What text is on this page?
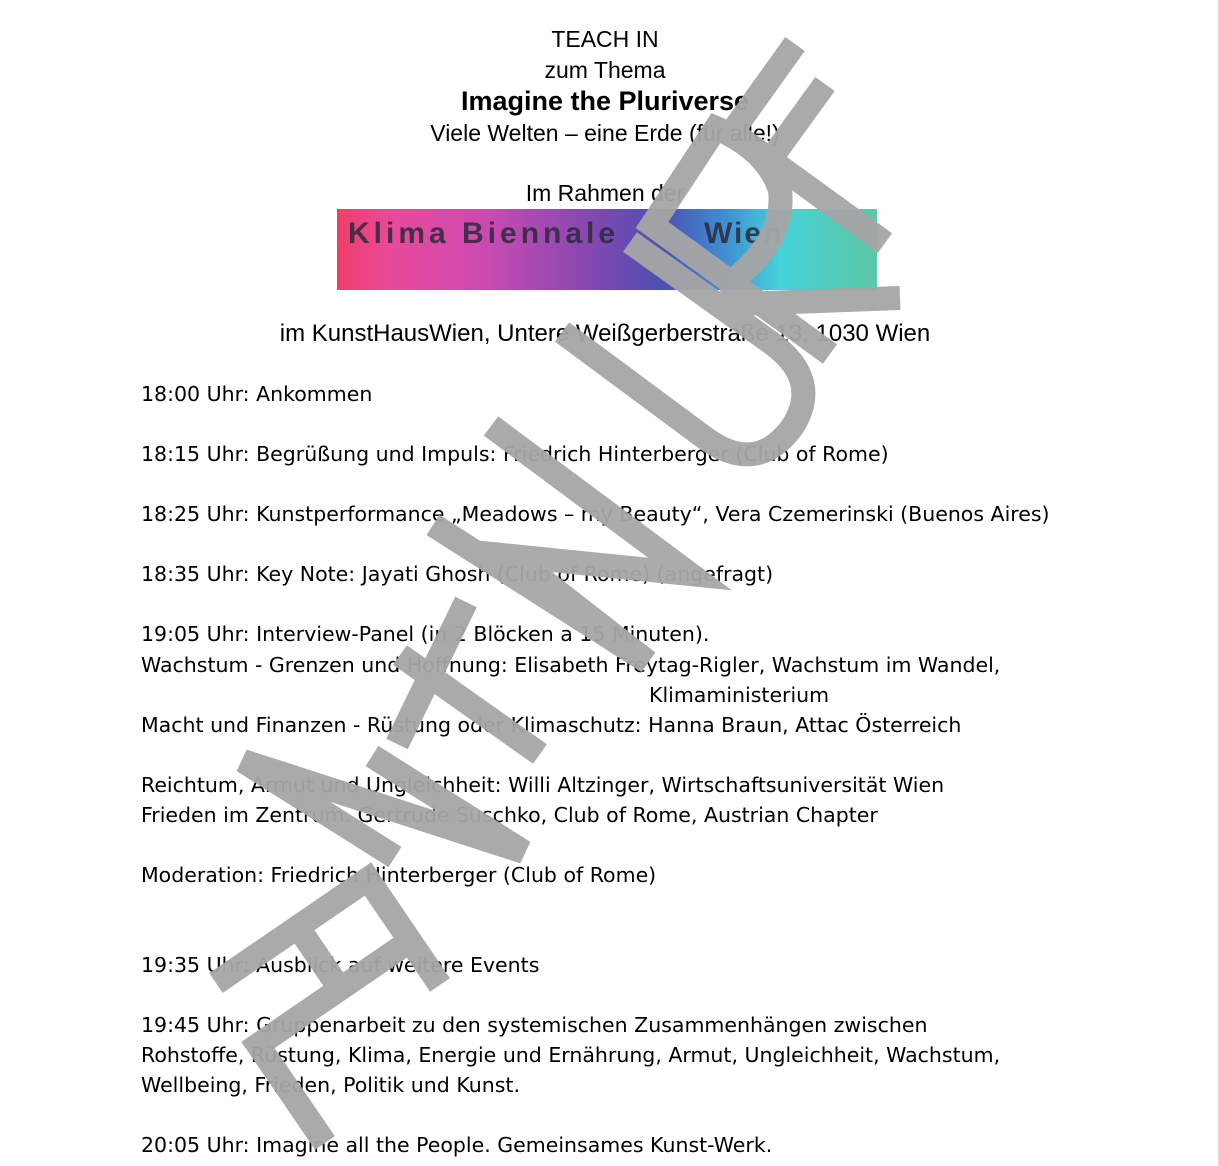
TEACH IN
zum Thema
Imagine the Pluriverse
Viele Welten – eine Erde (für alle!)
Im Rahmen der
Klima Biennale	Wien
im KunstHausWien, Untere Weißgerberstraße 13, 1030 Wien
18:00 Uhr: Ankommen
18:15 Uhr: Begrüßung und Impuls: Friedrich Hinterberger (Club of Rome)
18:25 Uhr: Kunstperformance „Meadows – my Beauty“, Vera Czemerinski (Buenos Aires)
18:35 Uhr: Key Note: Jayati Ghosh (Club of Rome) (angefragt)
19:05 Uhr: Interview-Panel (in 2 Blöcken a 15 Minuten).
Wachstum - Grenzen und Hoffnung: Elisabeth Freytag-Rigler, Wachstum im Wandel,
Klimaministerium
Macht und Finanzen - Rüstung oder Klimaschutz: Hanna Braun, Attac Österreich
Reichtum, Armut und Ungleichheit: Willi Altzinger, Wirtschaftsuniversität Wien
Frieden im Zentrum. Gertrude Suschko, Club of Rome, Austrian Chapter
Moderation: Friedrich Hinterberger (Club of Rome)
19:35 Uhr: Ausblick auf weitere Events
19:45 Uhr: Gruppenarbeit zu den systemischen Zusammenhängen zwischen
Rohstoffe, Rüstung, Klima, Energie und Ernährung, Armut, Ungleichheit, Wachstum,
Wellbeing, Frieden, Politik und Kunst.
20:05 Uhr: Imagine all the People. Gemeinsames Kunst-Werk.
